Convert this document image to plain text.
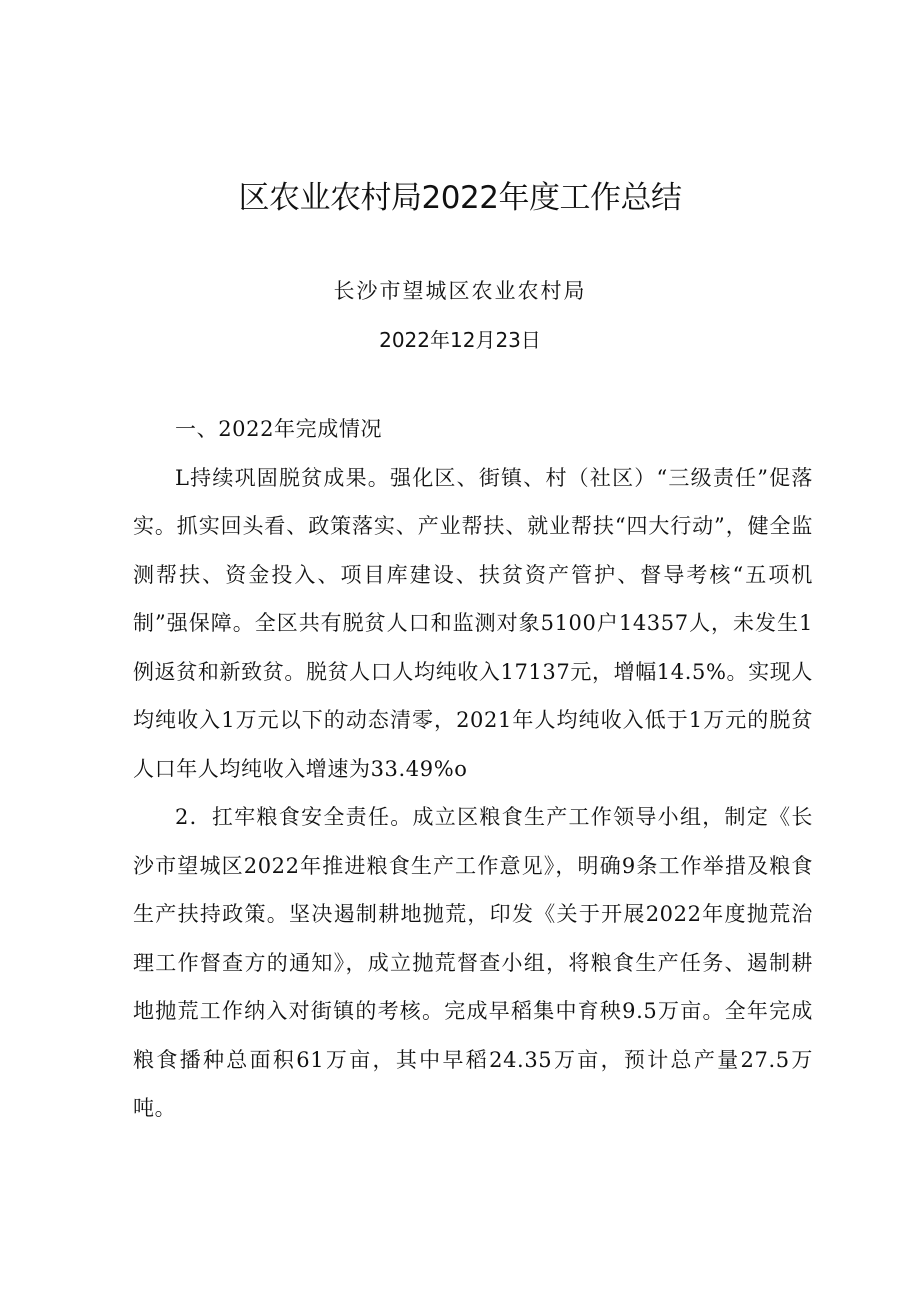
区农业农村局2022年度工作总结
长沙市望城区农业农村局
2022年12月23日

一、2022年完成情况

L持续巩固脱贫成果。强化区、街镇、村（社区）“三级责任”促落实。抓实回头看、政策落实、产业帮扶、就业帮扶“四大行动”，健全监测帮扶、资金投入、项目库建设、扶贫资产管护、督导考核“五项机制”强保障。全区共有脱贫人口和监测对象5100户14357人，未发生1例返贫和新致贫。脱贫人口人均纯收入17137元，增幅14.5%。实现人均纯收入1万元以下的动态清零，2021年人均纯收入低于1万元的脱贫人口年人均纯收入增速为33.49%o

2．扛牢粮食安全责任。成立区粮食生产工作领导小组，制定《长沙市望城区2022年推进粮食生产工作意见》，明确9条工作举措及粮食生产扶持政策。坚决遏制耕地抛荒，印发《关于开展2022年度抛荒治理工作督查方的通知》，成立抛荒督查小组，将粮食生产任务、遏制耕地抛荒工作纳入对街镇的考核。完成早稻集中育秧9.5万亩。全年完成粮食播种总面积61万亩，其中早稻24.35万亩，预计总产量27.5万吨。
